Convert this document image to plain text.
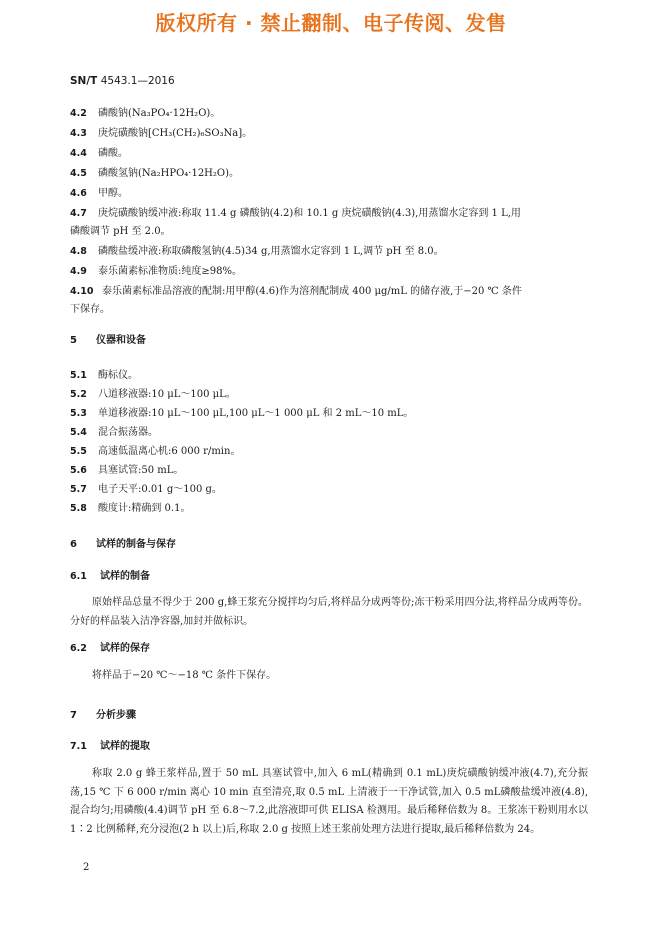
版权所有 · 禁止翻制、电子传阅、发售
SN/T 4543.1—2016
4.2 磷酸钠(Na₃PO₄·12H₂O)。
4.3 庚烷磺酸钠[CH₃(CH₂)₆SO₃Na]。
4.4 磷酸。
4.5 磷酸氢钠(Na₂HPO₄·12H₂O)。
4.6 甲醇。
4.7 庚烷磺酸钠缓冲液:称取 11.4 g 磷酸钠(4.2)和 10.1 g 庚烷磺酸钠(4.3),用蒸馏水定容到 1 L,用
磷酸调节 pH 至 2.0。
4.8 磷酸盐缓冲液:称取磷酸氢钠(4.5)34 g,用蒸馏水定容到 1 L,调节 pH 至 8.0。
4.9 泰乐菌素标准物质:纯度≥98%。
4.10 泰乐菌素标准品溶液的配制:用甲醇(4.6)作为溶剂配制成 400 μg/mL 的储存液,于−20 ℃ 条件
下保存。
5 仪器和设备
5.1 酶标仪。
5.2 八道移液器:10 μL～100 μL。
5.3 单道移液器:10 μL～100 μL,100 μL～1 000 μL 和 2 mL～10 mL。
5.4 混合振荡器。
5.5 高速低温离心机:6 000 r/min。
5.6 具塞试管:50 mL。
5.7 电子天平:0.01 g～100 g。
5.8 酸度计:精确到 0.1。
6 试样的制备与保存
6.1 试样的制备
原始样品总量不得少于 200 g,蜂王浆充分搅拌均匀后,将样品分成两等份;冻干粉采用四分法,将样品分成两等份。分好的样品装入洁净容器,加封并做标识。
6.2 试样的保存
将样品于−20 ℃～−18 ℃ 条件下保存。
7 分析步骤
7.1 试样的提取
称取 2.0 g 蜂王浆样品,置于 50 mL 具塞试管中,加入 6 mL(精确到 0.1 mL)庚烷磺酸钠缓冲液(4.7),充分振荡,15 ℃ 下 6 000 r/min 离心 10 min 直至清亮,取 0.5 mL 上清液于一干净试管,加入 0.5 mL磷酸盐缓冲液(4.8),混合均匀;用磷酸(4.4)调节 pH 至 6.8～7.2,此溶液即可供 ELISA 检测用。最后稀释倍数为 8。王浆冻干粉则用水以 1∶2 比例稀释,充分浸泡(2 h 以上)后,称取 2.0 g 按照上述王浆前处理方法进行提取,最后稀释倍数为 24。
2
